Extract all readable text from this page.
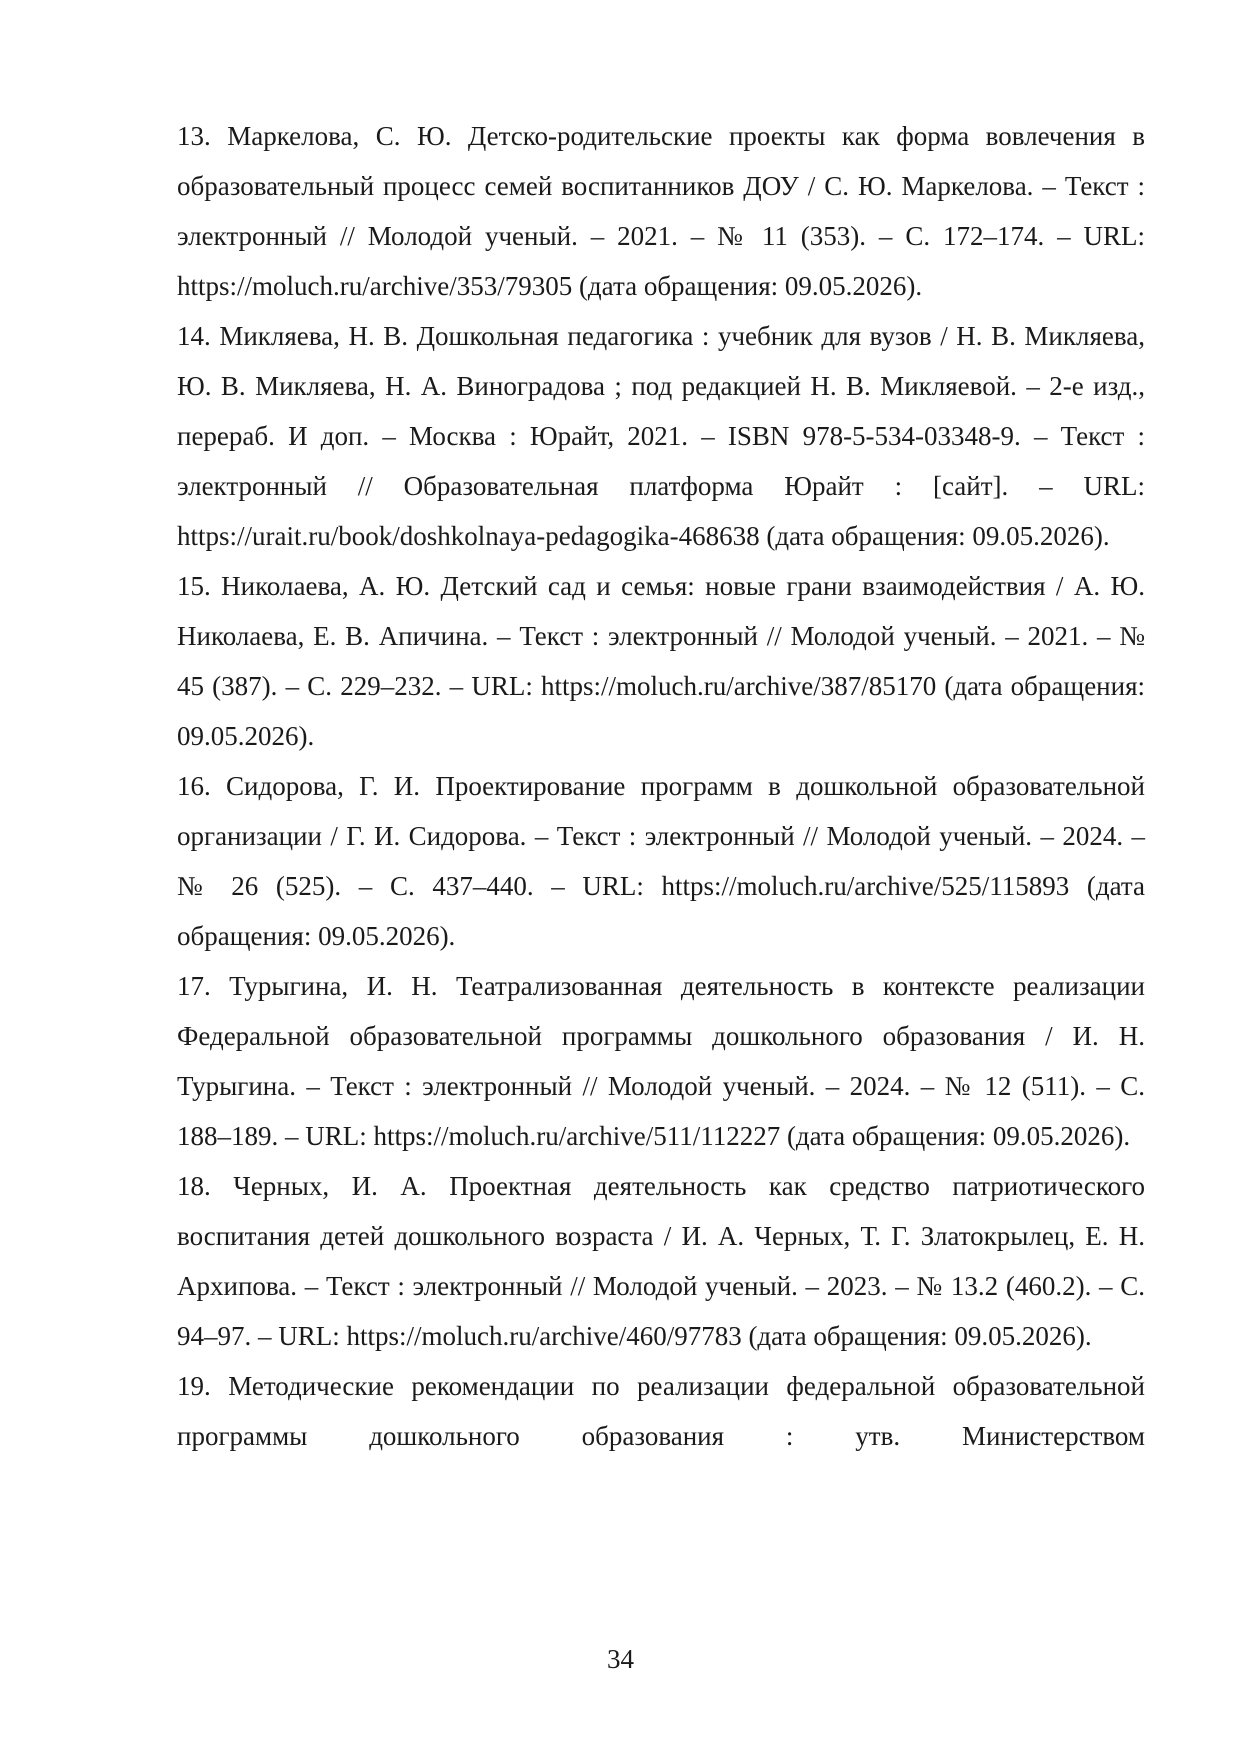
13. Маркелова, С. Ю. Детско-родительские проекты как форма вовлечения в образовательный процесс семей воспитанников ДОУ / С. Ю. Маркелова. – Текст : электронный // Молодой ученый. – 2021. – № 11 (353). – С. 172–174. – URL: https://moluch.ru/archive/353/79305 (дата обращения: 09.05.2026).

14. Микляева, Н. В. Дошкольная педагогика : учебник для вузов / Н. В. Микляева, Ю. В. Микляева, Н. А. Виноградова ; под редакцией Н. В. Микляевой. – 2-е изд., перераб. И доп. – Москва : Юрайт, 2021. – ISBN 978-5-534-03348-9. – Текст : электронный // Образовательная платформа Юрайт : [сайт]. – URL: https://urait.ru/book/doshkolnaya-pedagogika-468638 (дата обращения: 09.05.2026).

15. Николаева, А. Ю. Детский сад и семья: новые грани взаимодействия / А. Ю. Николаева, Е. В. Апичина. – Текст : электронный // Молодой ученый. – 2021. – № 45 (387). – С. 229–232. – URL: https://moluch.ru/archive/387/85170 (дата обращения: 09.05.2026).

16. Сидорова, Г. И. Проектирование программ в дошкольной образовательной организации / Г. И. Сидорова. – Текст : электронный // Молодой ученый. – 2024. – № 26 (525). – С. 437–440. – URL: https://moluch.ru/archive/525/115893 (дата обращения: 09.05.2026).

17. Турыгина, И. Н. Театрализованная деятельность в контексте реализации Федеральной образовательной программы дошкольного образования / И. Н. Турыгина. – Текст : электронный // Молодой ученый. – 2024. – № 12 (511). – С. 188–189. – URL: https://moluch.ru/archive/511/112227 (дата обращения: 09.05.2026).

18. Черных, И. А. Проектная деятельность как средство патриотического воспитания детей дошкольного возраста / И. А. Черных, Т. Г. Златокрылец, Е. Н. Архипова. – Текст : электронный // Молодой ученый. – 2023. – № 13.2 (460.2). – С. 94–97. – URL: https://moluch.ru/archive/460/97783 (дата обращения: 09.05.2026).

19. Методические рекомендации по реализации федеральной образовательной программы дошкольного образования : утв. Министерством

34
